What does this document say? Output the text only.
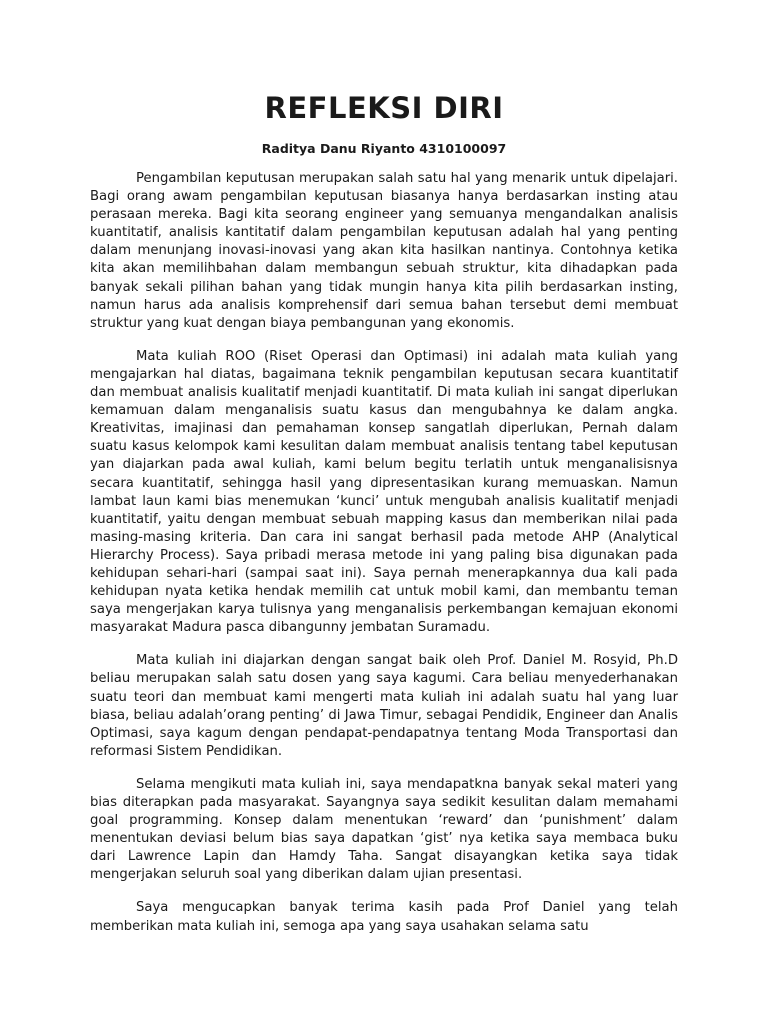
REFLEKSI DIRI
Raditya Danu Riyanto 4310100097

Pengambilan keputusan merupakan salah satu hal yang menarik untuk dipelajari. Bagi orang awam pengambilan keputusan biasanya hanya berdasarkan insting atau perasaan mereka. Bagi kita seorang engineer yang semuanya mengandalkan analisis kuantitatif, analisis kantitatif dalam pengambilan keputusan adalah hal yang penting dalam menunjang inovasi-inovasi yang akan kita hasilkan nantinya. Contohnya ketika kita akan memilihbahan dalam membangun sebuah struktur, kita dihadapkan pada banyak sekali pilihan bahan yang tidak mungin hanya kita pilih berdasarkan insting, namun harus ada analisis komprehensif dari semua bahan tersebut demi membuat struktur yang kuat dengan biaya pembangunan yang ekonomis.

Mata kuliah ROO (Riset Operasi dan Optimasi) ini adalah mata kuliah yang mengajarkan hal diatas, bagaimana teknik pengambilan keputusan secara kuantitatif dan membuat analisis kualitatif menjadi kuantitatif. Di mata kuliah ini sangat diperlukan kemamuan dalam menganalisis suatu kasus dan mengubahnya ke dalam angka. Kreativitas, imajinasi dan pemahaman konsep sangatlah diperlukan, Pernah dalam suatu kasus kelompok kami kesulitan dalam membuat analisis tentang tabel keputusan yan diajarkan pada awal kuliah, kami belum begitu terlatih untuk menganalisisnya secara kuantitatif, sehingga hasil yang dipresentasikan kurang memuaskan. Namun lambat laun kami bias menemukan ‘kunci’ untuk mengubah analisis kualitatif menjadi kuantitatif, yaitu dengan membuat sebuah mapping kasus dan memberikan nilai pada masing-masing kriteria. Dan cara ini sangat berhasil pada metode AHP (Analytical Hierarchy Process). Saya pribadi merasa metode ini yang paling bisa digunakan pada kehidupan sehari-hari (sampai saat ini). Saya pernah menerapkannya dua kali pada kehidupan nyata ketika hendak memilih cat untuk mobil kami, dan membantu teman saya mengerjakan karya tulisnya yang menganalisis perkembangan kemajuan ekonomi masyarakat Madura pasca dibangunny jembatan Suramadu.

Mata kuliah ini diajarkan dengan sangat baik oleh Prof. Daniel M. Rosyid, Ph.D beliau merupakan salah satu dosen yang saya kagumi. Cara beliau menyederhanakan suatu teori dan membuat kami mengerti mata kuliah ini adalah suatu hal yang luar biasa, beliau adalah’orang penting’ di Jawa Timur, sebagai Pendidik, Engineer dan Analis Optimasi, saya kagum dengan pendapat-pendapatnya tentang Moda Transportasi dan reformasi Sistem Pendidikan.

Selama mengikuti mata kuliah ini, saya mendapatkna banyak sekal materi yang bias diterapkan pada masyarakat. Sayangnya saya sedikit kesulitan dalam memahami goal programming. Konsep dalam menentukan ‘reward’ dan ‘punishment’ dalam menentukan deviasi belum bias saya dapatkan ‘gist’ nya ketika saya membaca buku dari Lawrence Lapin dan Hamdy Taha. Sangat disayangkan ketika saya tidak mengerjakan seluruh soal yang diberikan dalam ujian presentasi.

Saya mengucapkan banyak terima kasih pada Prof Daniel yang telah memberikan mata kuliah ini, semoga apa yang saya usahakan selama satu
